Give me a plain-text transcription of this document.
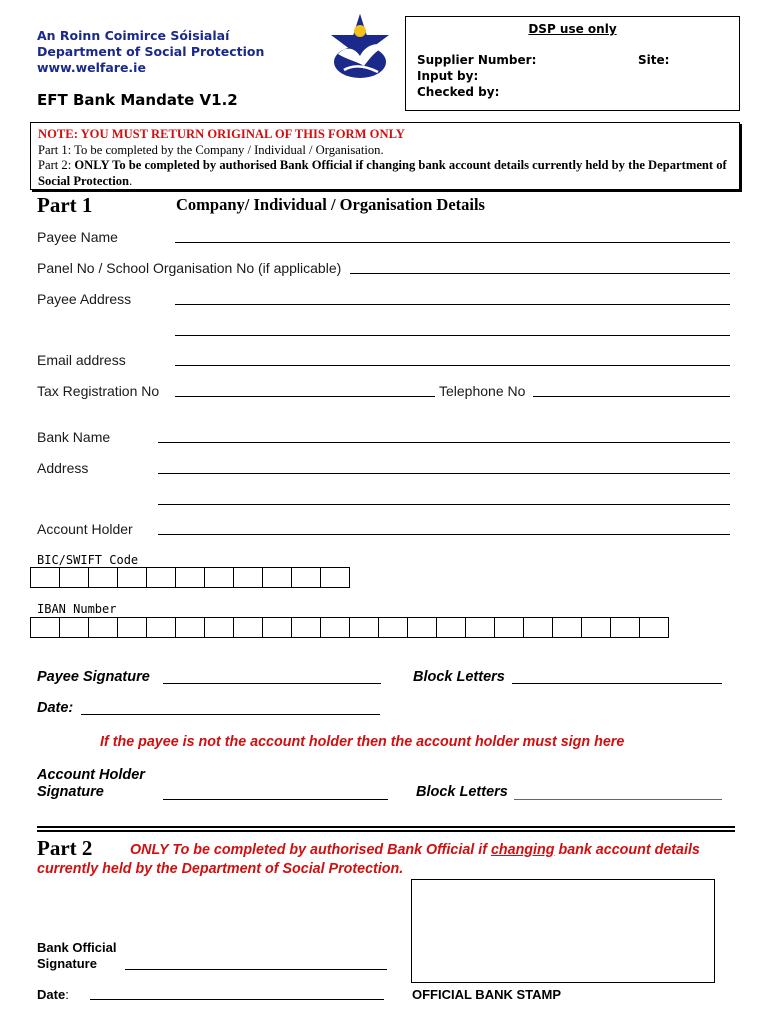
An Roinn Coimirce Sóisialaí
Department of Social Protection
www.welfare.ie
EFT Bank Mandate V1.2
DSP use only
Supplier Number:
Input by:
Checked by:
Site:
NOTE: YOU MUST RETURN ORIGINAL OF THIS FORM ONLY
Part 1: To be completed by the Company / Individual / Organisation.
Part 2: ONLY To be completed by authorised Bank Official if changing bank account details currently held by the Department of Social Protection.
Part 1	Company/ Individual / Organisation Details
Payee Name
Panel No / School Organisation No (if applicable)
Payee Address
Email address
Tax Registration No	Telephone No
Bank Name
Address
Account Holder
BIC/SWIFT Code
IBAN Number
Payee Signature	Block Letters
Date:
If the payee is not the account holder then the account holder must sign here
Account Holder
Signature	Block Letters
Part 2	ONLY To be completed by authorised Bank Official if changing bank account details currently held by the Department of Social Protection.
Bank Official
Signature
Date:	OFFICIAL BANK STAMP
